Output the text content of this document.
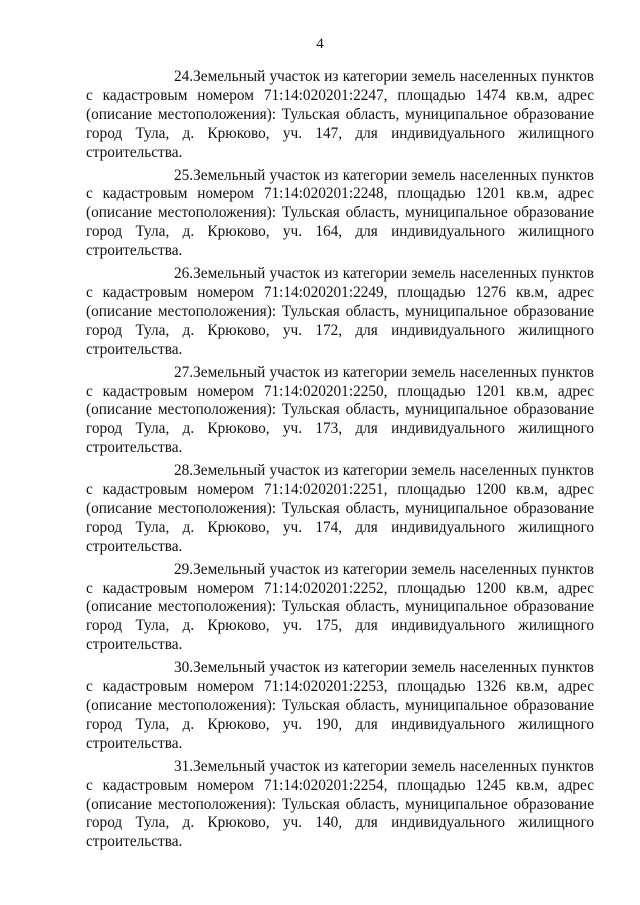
4

24.Земельный участок из категории земель населенных пунктов с кадастровым номером 71:14:020201:2247, площадью 1474 кв.м, адрес (описание местоположения): Тульская область, муниципальное образование город Тула, д. Крюково, уч. 147, для индивидуального жилищного строительства.

25.Земельный участок из категории земель населенных пунктов с кадастровым номером 71:14:020201:2248, площадью 1201 кв.м, адрес (описание местоположения): Тульская область, муниципальное образование город Тула, д. Крюково, уч. 164, для индивидуального жилищного строительства.

26.Земельный участок из категории земель населенных пунктов с кадастровым номером 71:14:020201:2249, площадью 1276 кв.м, адрес (описание местоположения): Тульская область, муниципальное образование город Тула, д. Крюково, уч. 172, для индивидуального жилищного строительства.

27.Земельный участок из категории земель населенных пунктов с кадастровым номером 71:14:020201:2250, площадью 1201 кв.м, адрес (описание местоположения): Тульская область, муниципальное образование город Тула, д. Крюково, уч. 173, для индивидуального жилищного строительства.

28.Земельный участок из категории земель населенных пунктов с кадастровым номером 71:14:020201:2251, площадью 1200 кв.м, адрес (описание местоположения): Тульская область, муниципальное образование город Тула, д. Крюково, уч. 174, для индивидуального жилищного строительства.

29.Земельный участок из категории земель населенных пунктов с кадастровым номером 71:14:020201:2252, площадью 1200 кв.м, адрес (описание местоположения): Тульская область, муниципальное образование город Тула, д. Крюково, уч. 175, для индивидуального жилищного строительства.

30.Земельный участок из категории земель населенных пунктов с кадастровым номером 71:14:020201:2253, площадью 1326 кв.м, адрес (описание местоположения): Тульская область, муниципальное образование город Тула, д. Крюково, уч. 190, для индивидуального жилищного строительства.

31.Земельный участок из категории земель населенных пунктов с кадастровым номером 71:14:020201:2254, площадью 1245 кв.м, адрес (описание местоположения): Тульская область, муниципальное образование город Тула, д. Крюково, уч. 140, для индивидуального жилищного строительства.
